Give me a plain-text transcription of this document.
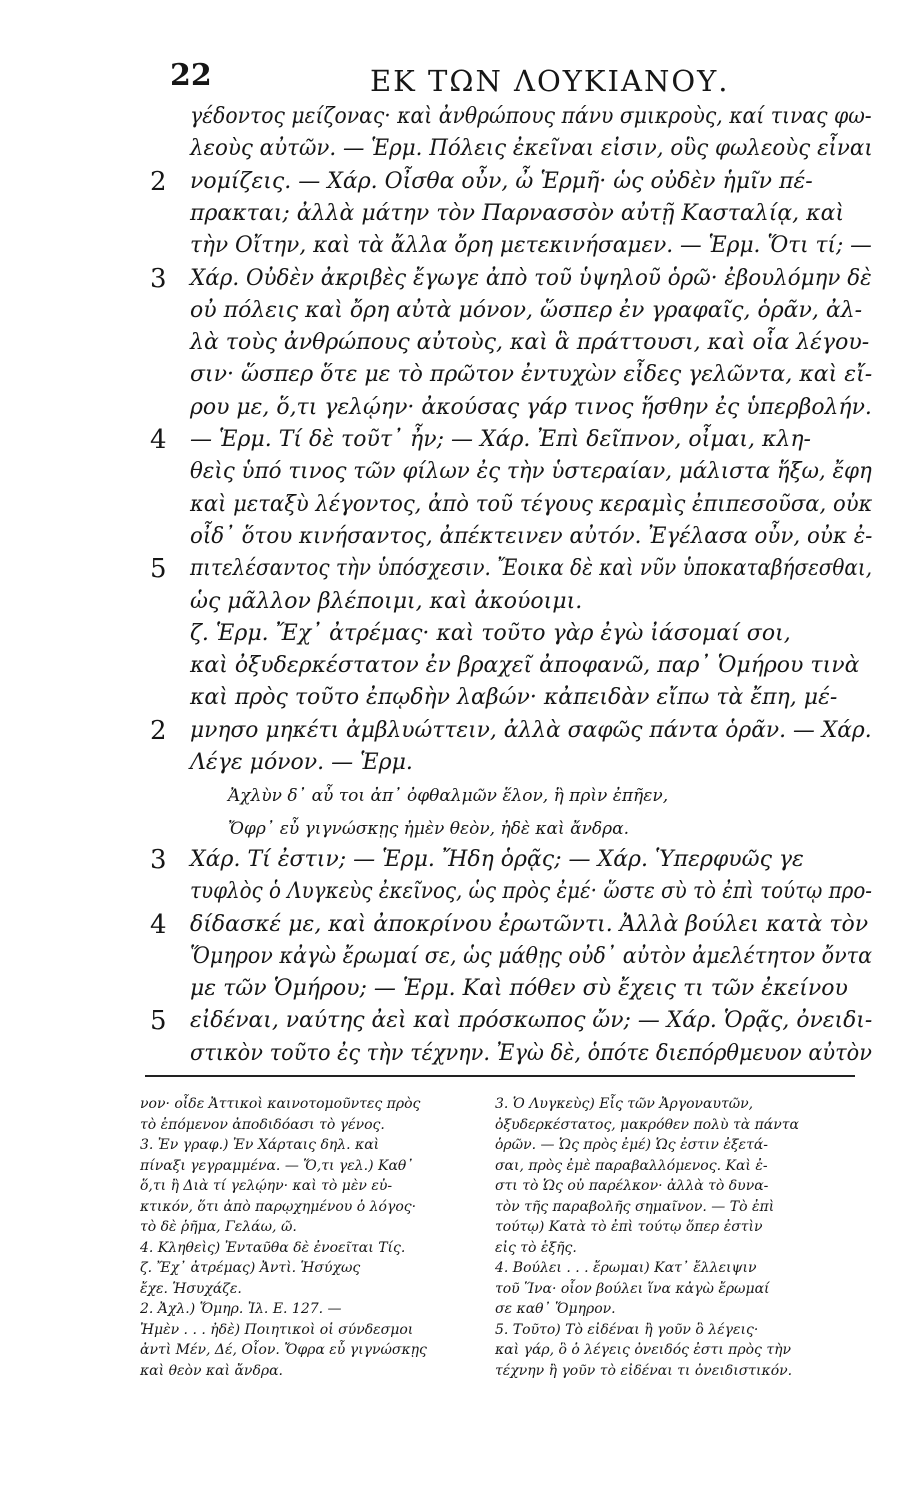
22	ΕΚ ΤΩΝ ΛΟΥΚΙΑΝΟΥ.
γέδοντος μείζονας· καὶ ἀνθρώπους πάνυ σμικροὺς, καί τινας φω-
λεοὺς αὐτῶν. — Ἑρμ. Πόλεις ἐκεῖναι εἰσιν, οὓς φωλεοὺς εἶναι
2	νομίζεις. — Χάρ. Οἶσθα οὖν, ὦ Ἑρμῆ· ὡς οὐδὲν ἡμῖν πέ-
πρακται; ἀλλὰ μάτην τὸν Παρνασσὸν αὐτῇ Κασταλίᾳ, καὶ
τὴν Οἴτην, καὶ τὰ ἄλλα ὄρη μετεκινήσαμεν. — Ἑρμ. Ὅτι τί; —
3	Χάρ. Οὐδὲν ἀκριβὲς ἔγωγε ἀπὸ τοῦ ὑψηλοῦ ὁρῶ· ἐβουλόμην δὲ
οὐ πόλεις καὶ ὄρη αὐτὰ μόνον, ὥσπερ ἐν γραφαῖς, ὁρᾶν, ἀλ-
λὰ τοὺς ἀνθρώπους αὐτοὺς, καὶ ἃ πράττουσι, καὶ οἷα λέγου-
σιν· ὥσπερ ὅτε με τὸ πρῶτον ἐντυχὼν εἶδες γελῶντα, καὶ εἴ-
ρου με, ὅ,τι γελῴην· ἀκούσας γάρ τινος ἥσθην ἐς ὑπερβολήν.
4	— Ἑρμ. Τί δὲ τοῦτ᾽ ἦν; — Χάρ. Ἐπὶ δεῖπνον, οἶμαι, κλη-
θεὶς ὑπό τινος τῶν φίλων ἐς τὴν ὑστεραίαν, μάλιστα ἥξω, ἔφη
καὶ μεταξὺ λέγοντος, ἀπὸ τοῦ τέγους κεραμὶς ἐπιπεσοῦσα, οὐκ
οἶδ᾽ ὅτου κινήσαντος, ἀπέκτεινεν αὐτόν. Ἐγέλασα οὖν, οὐκ ἐ-
5	πιτελέσαντος τὴν ὑπόσχεσιν. Ἔοικα δὲ καὶ νῦν ὑποκαταβήσεσθαι,
ὡς μᾶλλον βλέποιμι, καὶ ἀκούοιμι.
ζ. Ἑρμ. Ἔχ᾽ ἀτρέμας· καὶ τοῦτο γὰρ ἐγὼ ἰάσομαί σοι,
καὶ ὀξυδερκέστατον ἐν βραχεῖ ἀποφανῶ, παρ᾽ Ὁμήρου τινὰ
καὶ πρὸς τοῦτο ἐπῳδὴν λαβών· κἀπειδὰν εἴπω τὰ ἔπη, μέ-
2	μνησο μηκέτι ἀμβλυώττειν, ἀλλὰ σαφῶς πάντα ὁρᾶν. — Χάρ.
Λέγε μόνον. — Ἑρμ.
Ἀχλὺν δ᾽ αὖ τοι ἀπ᾽ ὀφθαλμῶν ἕλον, ἣ πρὶν ἐπῆεν,
Ὄφρ᾽ εὖ γιγνώσκῃς ἠμὲν θεὸν, ἠδὲ καὶ ἄνδρα.
3	Χάρ. Τί ἐστιν; — Ἑρμ. Ἤδη ὁρᾷς; — Χάρ. Ὑπερφυῶς γε
τυφλὸς ὁ Λυγκεὺς ἐκεῖνος, ὡς πρὸς ἐμέ· ὥστε σὺ τὸ ἐπὶ τούτῳ προ-
4	δίδασκέ με, καὶ ἀποκρίνου ἐρωτῶντι. Ἀλλὰ βούλει κατὰ τὸν
Ὅμηρον κἀγὼ ἔρωμαί σε, ὡς μάθῃς οὐδ᾽ αὐτὸν ἀμελέτητον ὄντα
με τῶν Ὁμήρου; — Ἑρμ. Καὶ πόθεν σὺ ἔχεις τι τῶν ἐκείνου
5	εἰδέναι, ναύτης ἀεὶ καὶ πρόσκωπος ὤν; — Χάρ. Ὁρᾷς, ὀνειδι-
στικὸν τοῦτο ἐς τὴν τέχνην. Ἐγὼ δὲ, ὁπότε διεπόρθμευον αὐτὸν
νον· οἶδε Ἀττικοὶ καινοτομοῦντες πρὸς
τὸ ἑπόμενον ἀποδιδόασι τὸ γένος.
3. Ἐν γραφ.) Ἐν Χάρταις δηλ. καὶ
πίναξι γεγραμμένα. — Ὅ,τι γελ.) Καθ᾽
ὅ,τι ἢ Διὰ τί γελῴην· καὶ τὸ μὲν εὐ-
κτικόν, ὅτι ἀπὸ παρῳχημένου ὁ λόγος·
τὸ δὲ ῥῆμα, Γελάω, ῶ.
4. Κληθεὶς) Ἐνταῦθα δὲ ἐνοεῖται Τίς.
ζ. Ἔχ᾽ ἀτρέμας) Ἀντὶ. Ἡσύχως
ἔχε. Ἡσυχάζε.
2. Ἀχλ.) Ὅμηρ. Ἰλ. Ε. 127. —
Ἠμὲν . . . ἠδὲ) Ποιητικοὶ οἱ σύνδεσμοι
ἀντὶ Μέν, Δέ, Οἷον. Ὄφρα εὖ γιγνώσκῃς
καὶ θεὸν καὶ ἄνδρα.
3. Ὁ Λυγκεὺς) Εἷς τῶν Ἀργοναυτῶν,
ὀξυδερκέστατος, μακρόθεν πολὺ τὰ πάντα
ὁρῶν. — Ὡς πρὸς ἐμέ) Ὡς ἐστιν ἐξετά-
σαι, πρὸς ἐμὲ παραβαλλόμενος. Καὶ ἐ-
στι τὸ Ὡς οὐ παρέλκον· ἀλλὰ τὸ δυνα-
τὸν τῆς παραβολῆς σημαῖνον. — Τὸ ἐπὶ
τούτῳ) Κατὰ τὸ ἐπὶ τούτῳ ὅπερ ἐστὶν
εἰς τὸ ἑξῆς.
4. Βούλει . . . ἔρωμαι) Κατ᾽ ἔλλειψιν
τοῦ Ἵνα· οἷον βούλει ἵνα κἀγὼ ἔρωμαί
σε καθ᾽ Ὅμηρον.
5. Τοῦτο) Τὸ εἰδέναι ἢ γοῦν ὃ λέγεις·
καὶ γάρ, ὃ ὁ λέγεις ὀνειδός ἐστι πρὸς τὴν
τέχνην ἢ γοῦν τὸ εἰδέναι τι ὀνειδιστικόν.
